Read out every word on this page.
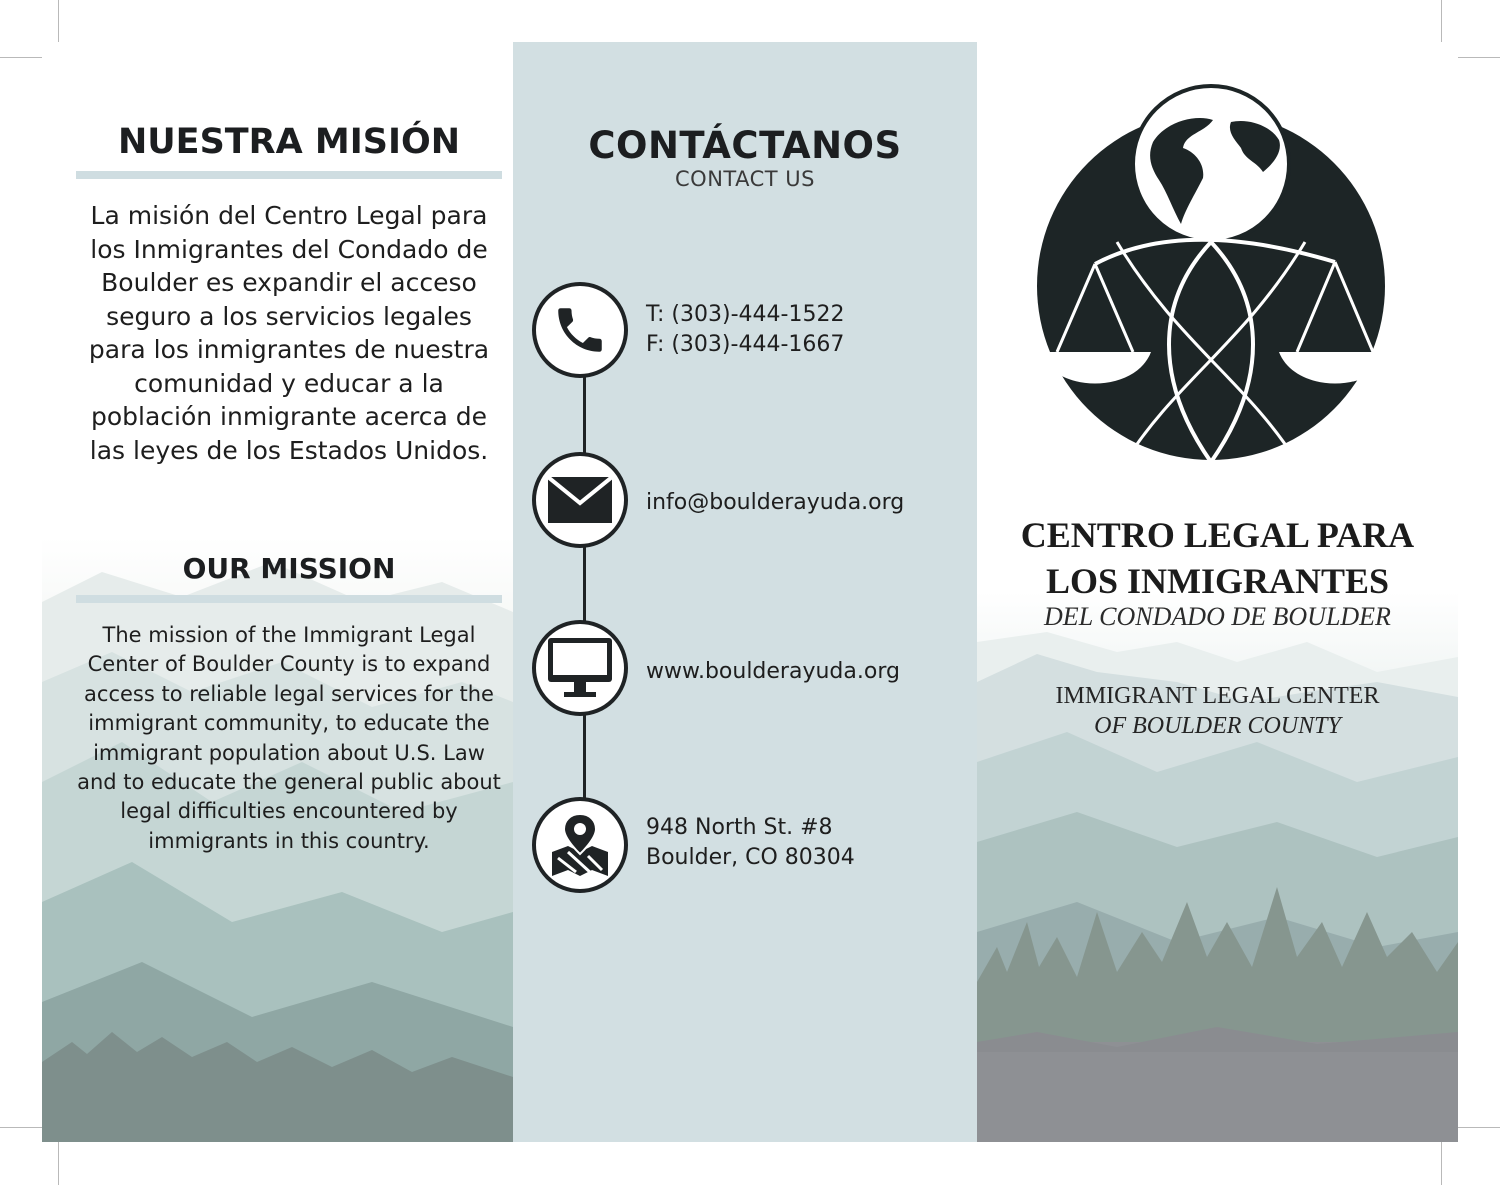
NUESTRA MISIÓN

La misión del Centro Legal para los Inmigrantes del Condado de Boulder es expandir el acceso seguro a los servicios legales para los inmigrantes de nuestra comunidad y educar a la población inmigrante acerca de las leyes de los Estados Unidos.

OUR MISSION

The mission of the Immigrant Legal Center of Boulder County is to expand access to reliable legal services for the immigrant community, to educate the immigrant population about U.S. Law and to educate the general public about legal difficulties encountered by immigrants in this country.

CONTÁCTANOS
CONTACT US
T: (303)-444-1522
F: (303)-444-1667
info@boulderayuda.org
www.boulderayuda.org
948 North St. #8
Boulder, CO 80304
CENTRO LEGAL PARA
LOS INMIGRANTES
DEL CONDADO DE BOULDER
IMMIGRANT LEGAL CENTER
OF BOULDER COUNTY
